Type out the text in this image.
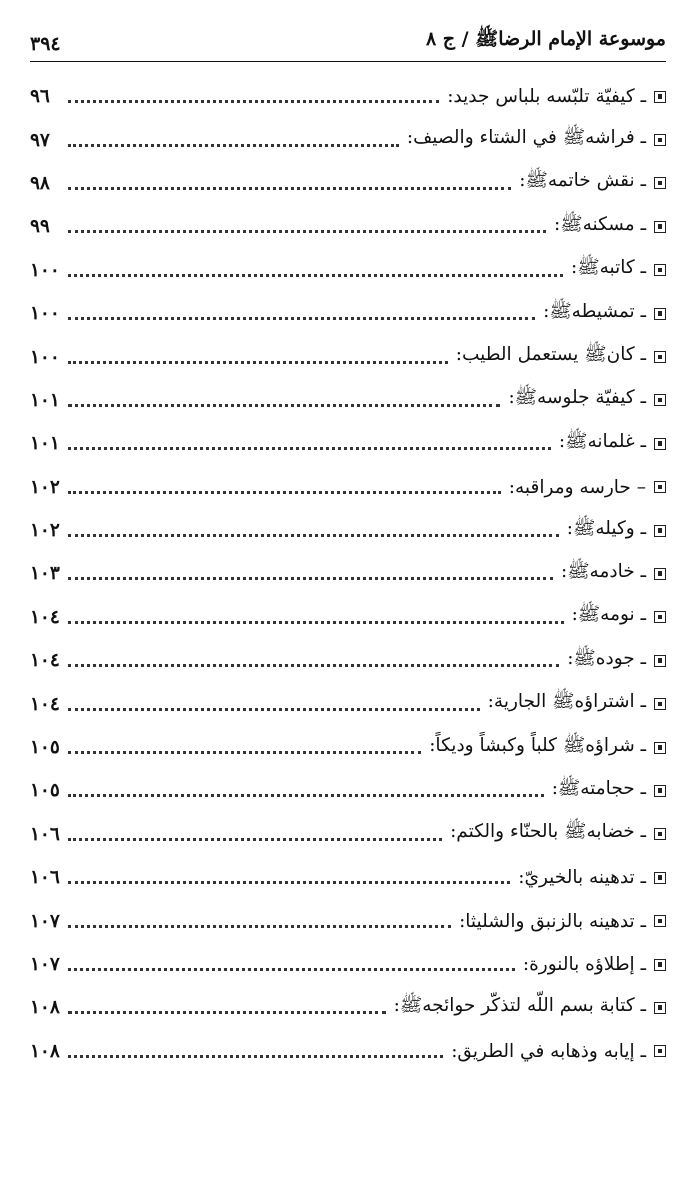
موسوعة الإمام الرضاﷺ / ج ٨
٣٩٤
ـ كيفيّة تلبّسه بلباس جديد:
٩٦
ـ فراشهﷺ في الشتاء والصيف:
٩٧
ـ نقش خاتمهﷺ:
٩٨
ـ مسكنهﷺ:
٩٩
ـ كاتبهﷺ:
١٠٠
ـ تمشيطهﷺ:
١٠٠
ـ كانﷺ يستعمل الطيب:
١٠٠
ـ كيفيّة جلوسهﷺ:
١٠١
ـ غلمانهﷺ:
١٠١
– حارسه ومراقبه:
١٠٢
ـ وكيلهﷺ:
١٠٢
ـ خادمهﷺ:
١٠٣
ـ نومهﷺ:
١٠٤
ـ جودهﷺ:
١٠٤
ـ اشتراؤهﷺ الجارية:
١٠٤
ـ شراؤهﷺ كلباً وكبشاً وديكاً:
١٠٥
ـ حجامتهﷺ:
١٠٥
ـ خضابهﷺ بالحنّاء والكتم:
١٠٦
ـ تدهينه بالخيريّ:
١٠٦
ـ تدهينه بالزنبق والشليثا:
١٠٧
ـ إطلاؤه بالنورة:
١٠٧
ـ كتابة بسم اللّه لتذكّر حوائجهﷺ:
١٠٨
ـ إيابه وذهابه في الطريق:
١٠٨
